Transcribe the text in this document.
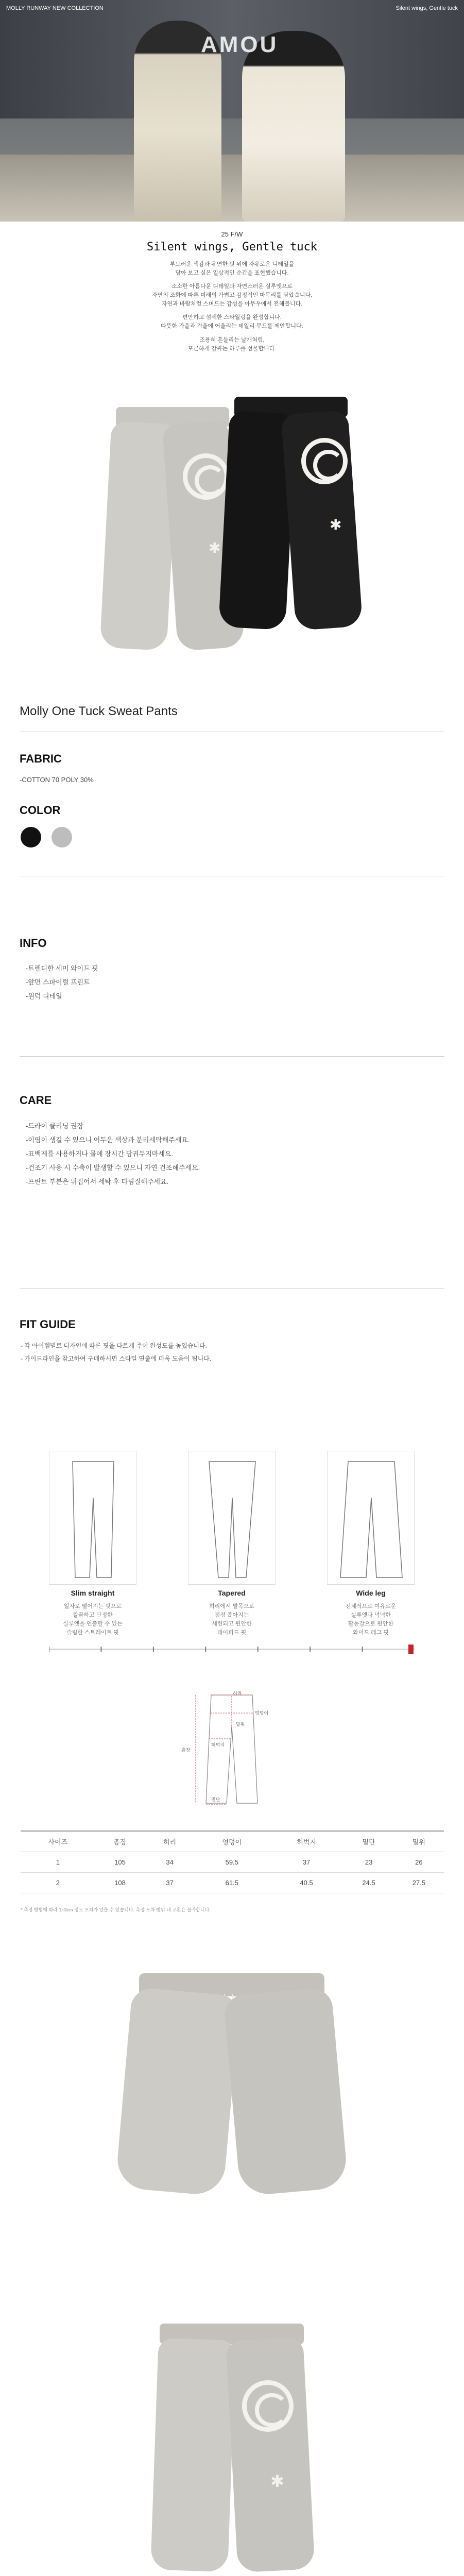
AMOU
MOLLY RUNWAY NEW COLLECTION	Silent wings, Gentle tuck
25 F/W
Silent wings, Gentle tuck
부드러운 색감과 유연한 핏 위에 자유로운 디테일을
담아 보고 싶은 일상적인 순간을 표현했습니다.
소소한 아름다운 디테일과 자연스러운 실루엣으로
자연의 조화에 따른 미래의 가볍고 감정적인 마무리를 담았습니다.
자연과 바람처럼 스며드는 감성을 아무우에서 전해봅니다.
편안하고 섬세한 스타일링을 완성합니다.
따뜻한 가을과 겨울에 어울리는 데일리 무드를 제안합니다.
조용히 흔들리는 날개처럼,
포근하게 감싸는 하루를 선물합니다.
✱
✱
Molly One Tuck Sweat Pants
FABRIC
-COTTON 70 POLY 30%
COLOR
INFO
-트렌디한 세미 와이드 핏
-앞면 스파이럴 프린트
-원턱 디테일
CARE
-드라이 클리닝 권장
-이염이 생길 수 있으니 어두운 색상과 분리세탁해주세요.
-표백제를 사용하거나 물에 장시간 담궈두지마세요.
-건조기 사용 시 수축이 발생할 수 있으니 자연 건조해주세요.
-프린트 부분은 뒤집어서 세탁 후 다림질해주세요.
FIT GUIDE
- 각 아이템별로 디자인에 따른 핏을 다르게 주어 완성도를 높였습니다.
- 가이드라인을 참고하여 구매하시면 스타일 연출에 더욱 도움이 됩니다.
Slim straight	Tapered	Wide leg
일자로 떨어지는 핏으로
깔끔하고 단정한
실루엣을 연출할 수 있는
슬림한 스트레이트 핏
허리에서 발목으로
점점 좁아지는
세련되고 편안한
테이퍼드 핏
전체적으로 여유로운
실루엣과 넉넉한
활동감으로 편안한
와이드 레그 핏
허리
엉덩이
밑위
총장
허벅지
밑단
사이즈	총장	허리	엉덩이	허벅지	밑단	밑위
1	105	34	59.5	37	23	26
2	108	37	61.5	40.5	24.5	27.5
* 측정 방법에 따라 1~3cm 정도 오차가 있을 수 있습니다. 측정 오차 범위 내 교환은 불가합니다.
✱
